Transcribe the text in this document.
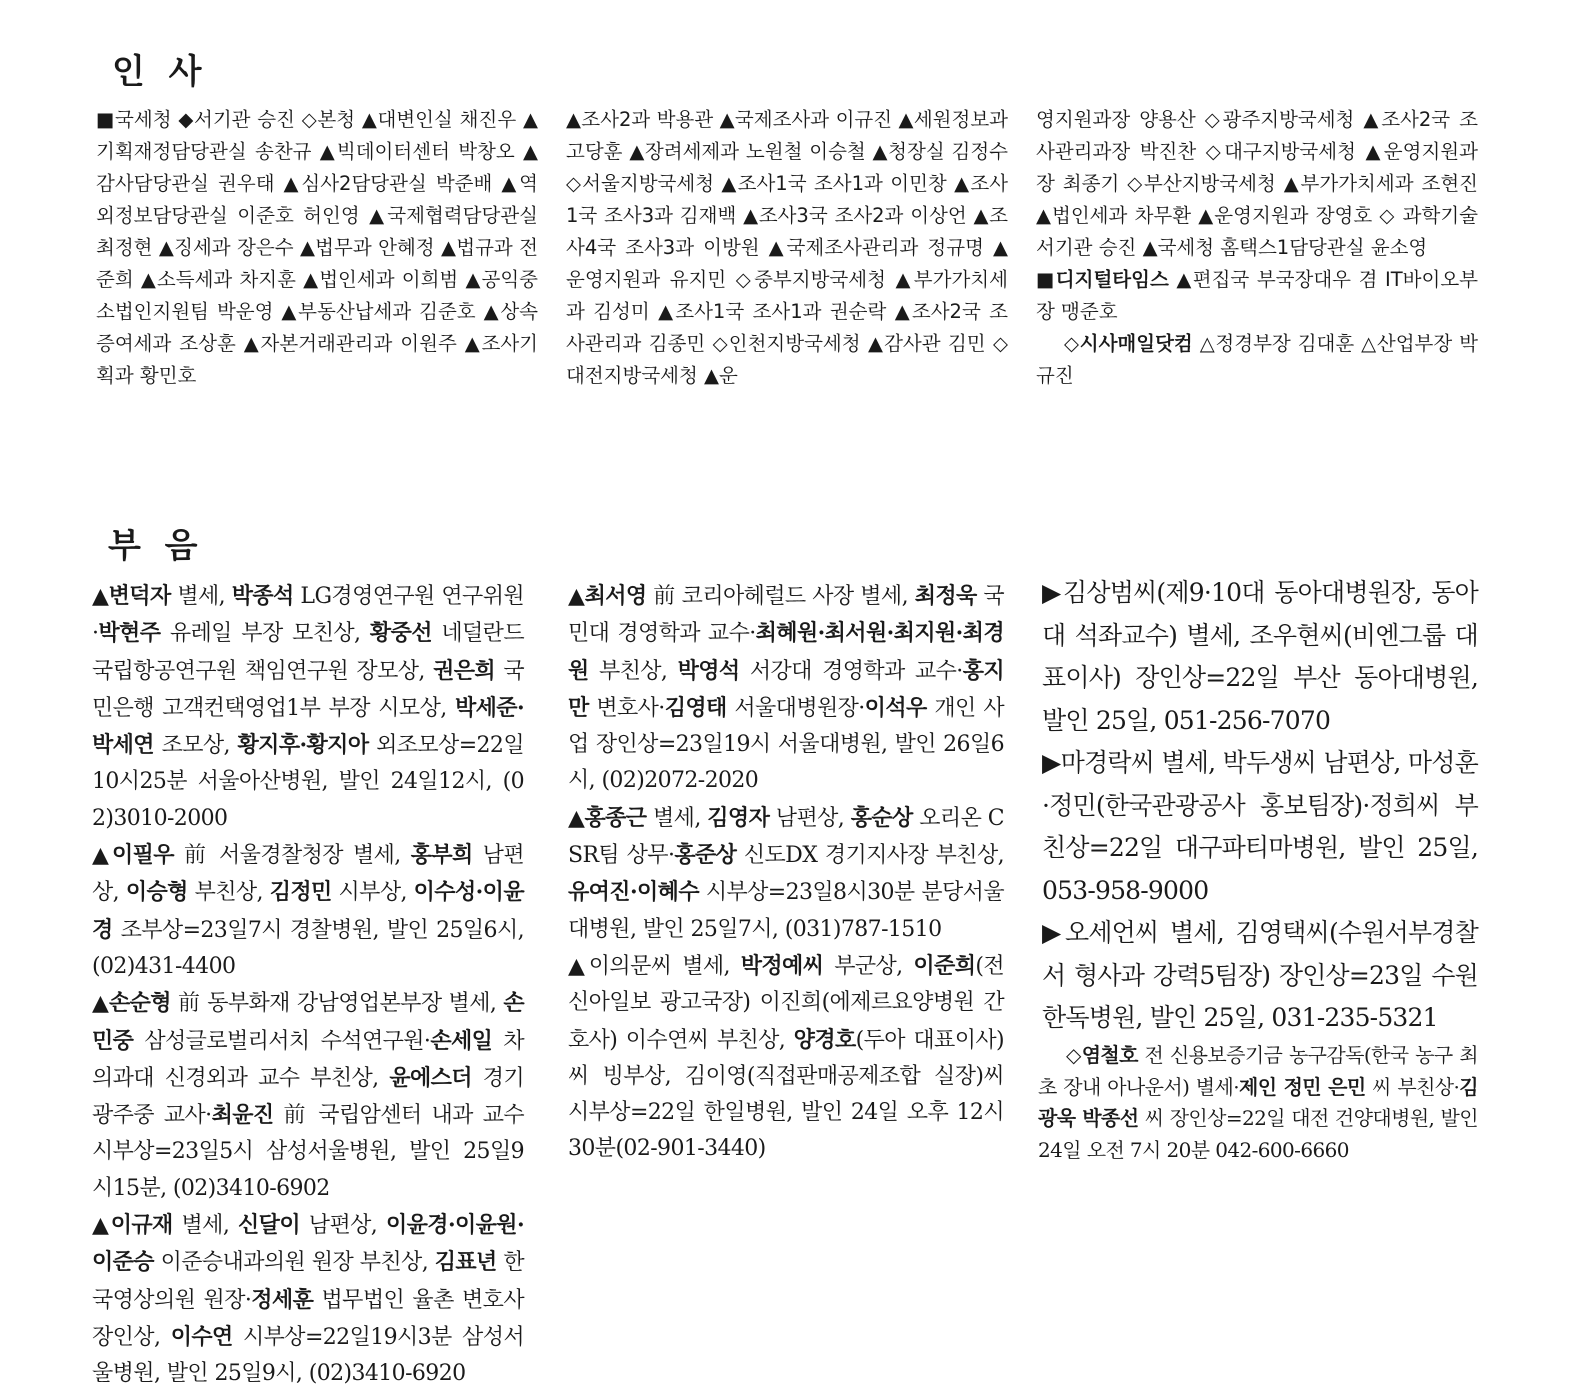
인 사
부 음

■국세청 ◆서기관 승진 ◇본청 ▲대변인실 채진우 ▲기획재정담당관실 송찬규 ▲빅데이터센터 박창오 ▲감사담당관실 권우태 ▲심사2담당관실 박준배 ▲역외정보담당관실 이준호 허인영 ▲국제협력담당관실 최정현 ▲징세과 장은수 ▲법무과 안혜정 ▲법규과 전준희 ▲소득세과 차지훈 ▲법인세과 이희범 ▲공익중소법인지원팀 박운영 ▲부동산납세과 김준호 ▲상속증여세과 조상훈 ▲자본거래관리과 이원주 ▲조사기획과 황민호

▲조사2과 박용관 ▲국제조사과 이규진 ▲세원정보과 고당훈 ▲장려세제과 노원철 이승철 ▲청장실 김정수 ◇서울지방국세청 ▲조사1국 조사1과 이민창 ▲조사1국 조사3과 김재백 ▲조사3국 조사2과 이상언 ▲조사4국 조사3과 이방원 ▲국제조사관리과 정규명 ▲운영지원과 유지민 ◇중부지방국세청 ▲부가가치세과 김성미 ▲조사1국 조사1과 권순락 ▲조사2국 조사관리과 김종민 ◇인천지방국세청 ▲감사관 김민 ◇대전지방국세청 ▲운

영지원과장 양용산 ◇광주지방국세청 ▲조사2국 조사관리과장 박진찬 ◇대구지방국세청 ▲운영지원과장 최종기 ◇부산지방국세청 ▲부가가치세과 조현진 ▲법인세과 차무환 ▲운영지원과 장영호 ◇ 과학기술서기관 승진 ▲국세청 홈택스1담당관실 윤소영

■디지털타임스 ▲편집국 부국장대우 겸 IT바이오부장 맹준호

◇시사매일닷컴 △정경부장 김대훈 △산업부장 박규진

▲변덕자 별세, 박종석 LG경영연구원 연구위원·박현주 유레일 부장 모친상, 황중선 네덜란드 국립항공연구원 책임연구원 장모상, 권은희 국민은행 고객컨택영업1부 부장 시모상, 박세준·박세연 조모상, 황지후·황지아 외조모상=22일10시25분 서울아산병원, 발인 24일12시, (02)3010-2000

▲이필우 前 서울경찰청장 별세, 홍부희 남편상, 이승형 부친상, 김정민 시부상, 이수성·이윤경 조부상=23일7시 경찰병원, 발인 25일6시, (02)431-4400

▲손순형 前 동부화재 강남영업본부장 별세, 손민중 삼성글로벌리서치 수석연구원·손세일 차의과대 신경외과 교수 부친상, 윤에스더 경기 광주중 교사·최윤진 前 국립암센터 내과 교수 시부상=23일5시 삼성서울병원, 발인 25일9시15분, (02)3410-6902

▲이규재 별세, 신달이 남편상, 이윤경·이윤원·이준승 이준승내과의원 원장 부친상, 김표년 한국영상의원 원장·정세훈 법무법인 율촌 변호사 장인상, 이수연 시부상=22일19시3분 삼성서울병원, 발인 25일9시, (02)3410-6920

▲최서영 前 코리아헤럴드 사장 별세, 최정욱 국민대 경영학과 교수·최혜원·최서원·최지원·최경원 부친상, 박영석 서강대 경영학과 교수·홍지만 변호사·김영태 서울대병원장·이석우 개인 사업 장인상=23일19시 서울대병원, 발인 26일6시, (02)2072-2020

▲홍종근 별세, 김영자 남편상, 홍순상 오리온 CSR팀 상무·홍준상 신도DX 경기지사장 부친상, 유여진·이혜수 시부상=23일8시30분 분당서울대병원, 발인 25일7시, (031)787-1510

▲이의문씨 별세, 박정예씨 부군상, 이준희(전 신아일보 광고국장) 이진희(에제르요양병원 간호사) 이수연씨 부친상, 양경호(두아 대표이사)씨 빙부상, 김이영(직접판매공제조합 실장)씨 시부상=22일 한일병원, 발인 24일 오후 12시30분(02-901-3440)

▶김상범씨(제9·10대 동아대병원장, 동아대 석좌교수) 별세, 조우현씨(비엔그룹 대표이사) 장인상=22일 부산 동아대병원, 발인 25일, 051-256-7070

▶마경락씨 별세, 박두생씨 남편상, 마성훈·정민(한국관광공사 홍보팀장)·정희씨 부친상=22일 대구파티마병원, 발인 25일, 053-958-9000

▶오세언씨 별세, 김영택씨(수원서부경찰서 형사과 강력5팀장) 장인상=23일 수원 한독병원, 발인 25일, 031-235-5321

◇염철호 전 신용보증기금 농구감독(한국 농구 최초 장내 아나운서) 별세·제인 정민 은민 씨 부친상·김광욱 박종선 씨 장인상=22일 대전 건양대병원, 발인 24일 오전 7시 20분 042-600-6660
